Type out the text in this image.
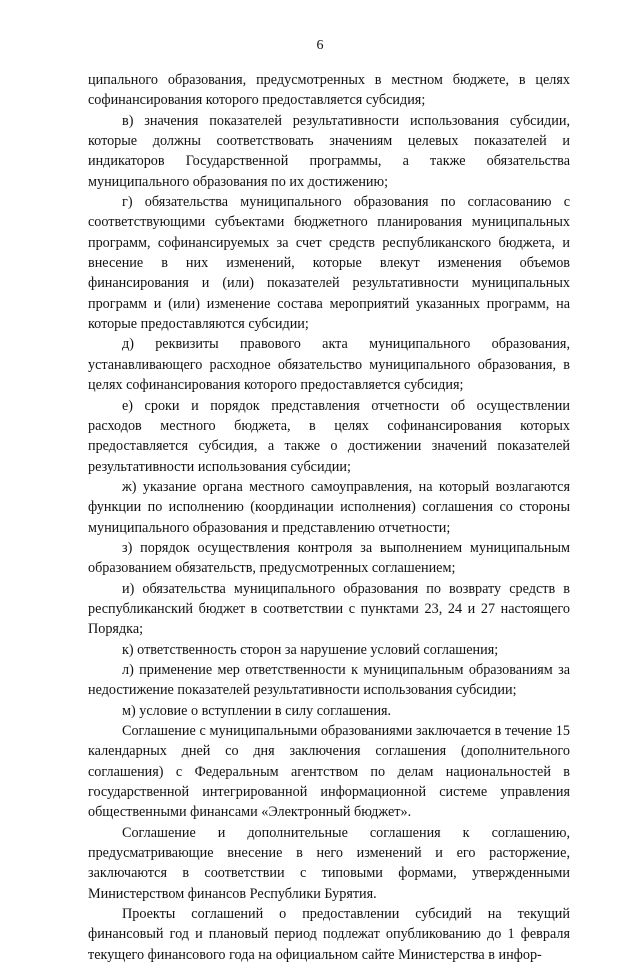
6

ципального образования, предусмотренных в местном бюджете, в целях софинансирования которого предоставляется субсидия;

в) значения показателей результативности использования субсидии, которые должны соответствовать значениям целевых показателей и индикаторов Государственной программы, а также обязательства муниципального образования по их достижению;

г) обязательства муниципального образования по согласованию с соответствующими субъектами бюджетного планирования муниципальных программ, софинансируемых за счет средств республиканского бюджета, и внесение в них изменений, которые влекут изменения объемов финансирования и (или) показателей результативности муниципальных программ и (или) изменение состава мероприятий указанных программ, на которые предоставляются субсидии;

д) реквизиты правового акта муниципального образования, устанавливающего расходное обязательство муниципального образования, в целях софинансирования которого предоставляется субсидия;

е) сроки и порядок представления отчетности об осуществлении расходов местного бюджета, в целях софинансирования которых предоставляется субсидия, а также о достижении значений показателей результативности использования субсидии;

ж) указание органа местного самоуправления, на который возлагаются функции по исполнению (координации исполнения) соглашения со стороны муниципального образования и представлению отчетности;

з) порядок осуществления контроля за выполнением муниципальным образованием обязательств, предусмотренных соглашением;

и) обязательства муниципального образования по возврату средств в республиканский бюджет в соответствии с пунктами 23, 24 и 27 настоящего Порядка;

к) ответственность сторон за нарушение условий соглашения;

л) применение мер ответственности к муниципальным образованиям за недостижение показателей результативности использования субсидии;

м) условие о вступлении в силу соглашения.

Соглашение с муниципальными образованиями заключается в течение 15 календарных дней со дня заключения соглашения (дополнительного соглашения) с Федеральным агентством по делам национальностей в государственной интегрированной информационной системе управления общественными финансами «Электронный бюджет».

Соглашение и дополнительные соглашения к соглашению, предусматривающие внесение в него изменений и его расторжение, заключаются в соответствии с типовыми формами, утвержденными Министерством финансов Республики Бурятия.

Проекты соглашений о предоставлении субсидий на текущий финансовый год и плановый период подлежат опубликованию до 1 февраля текущего финансового года на официальном сайте Министерства в инфор-
